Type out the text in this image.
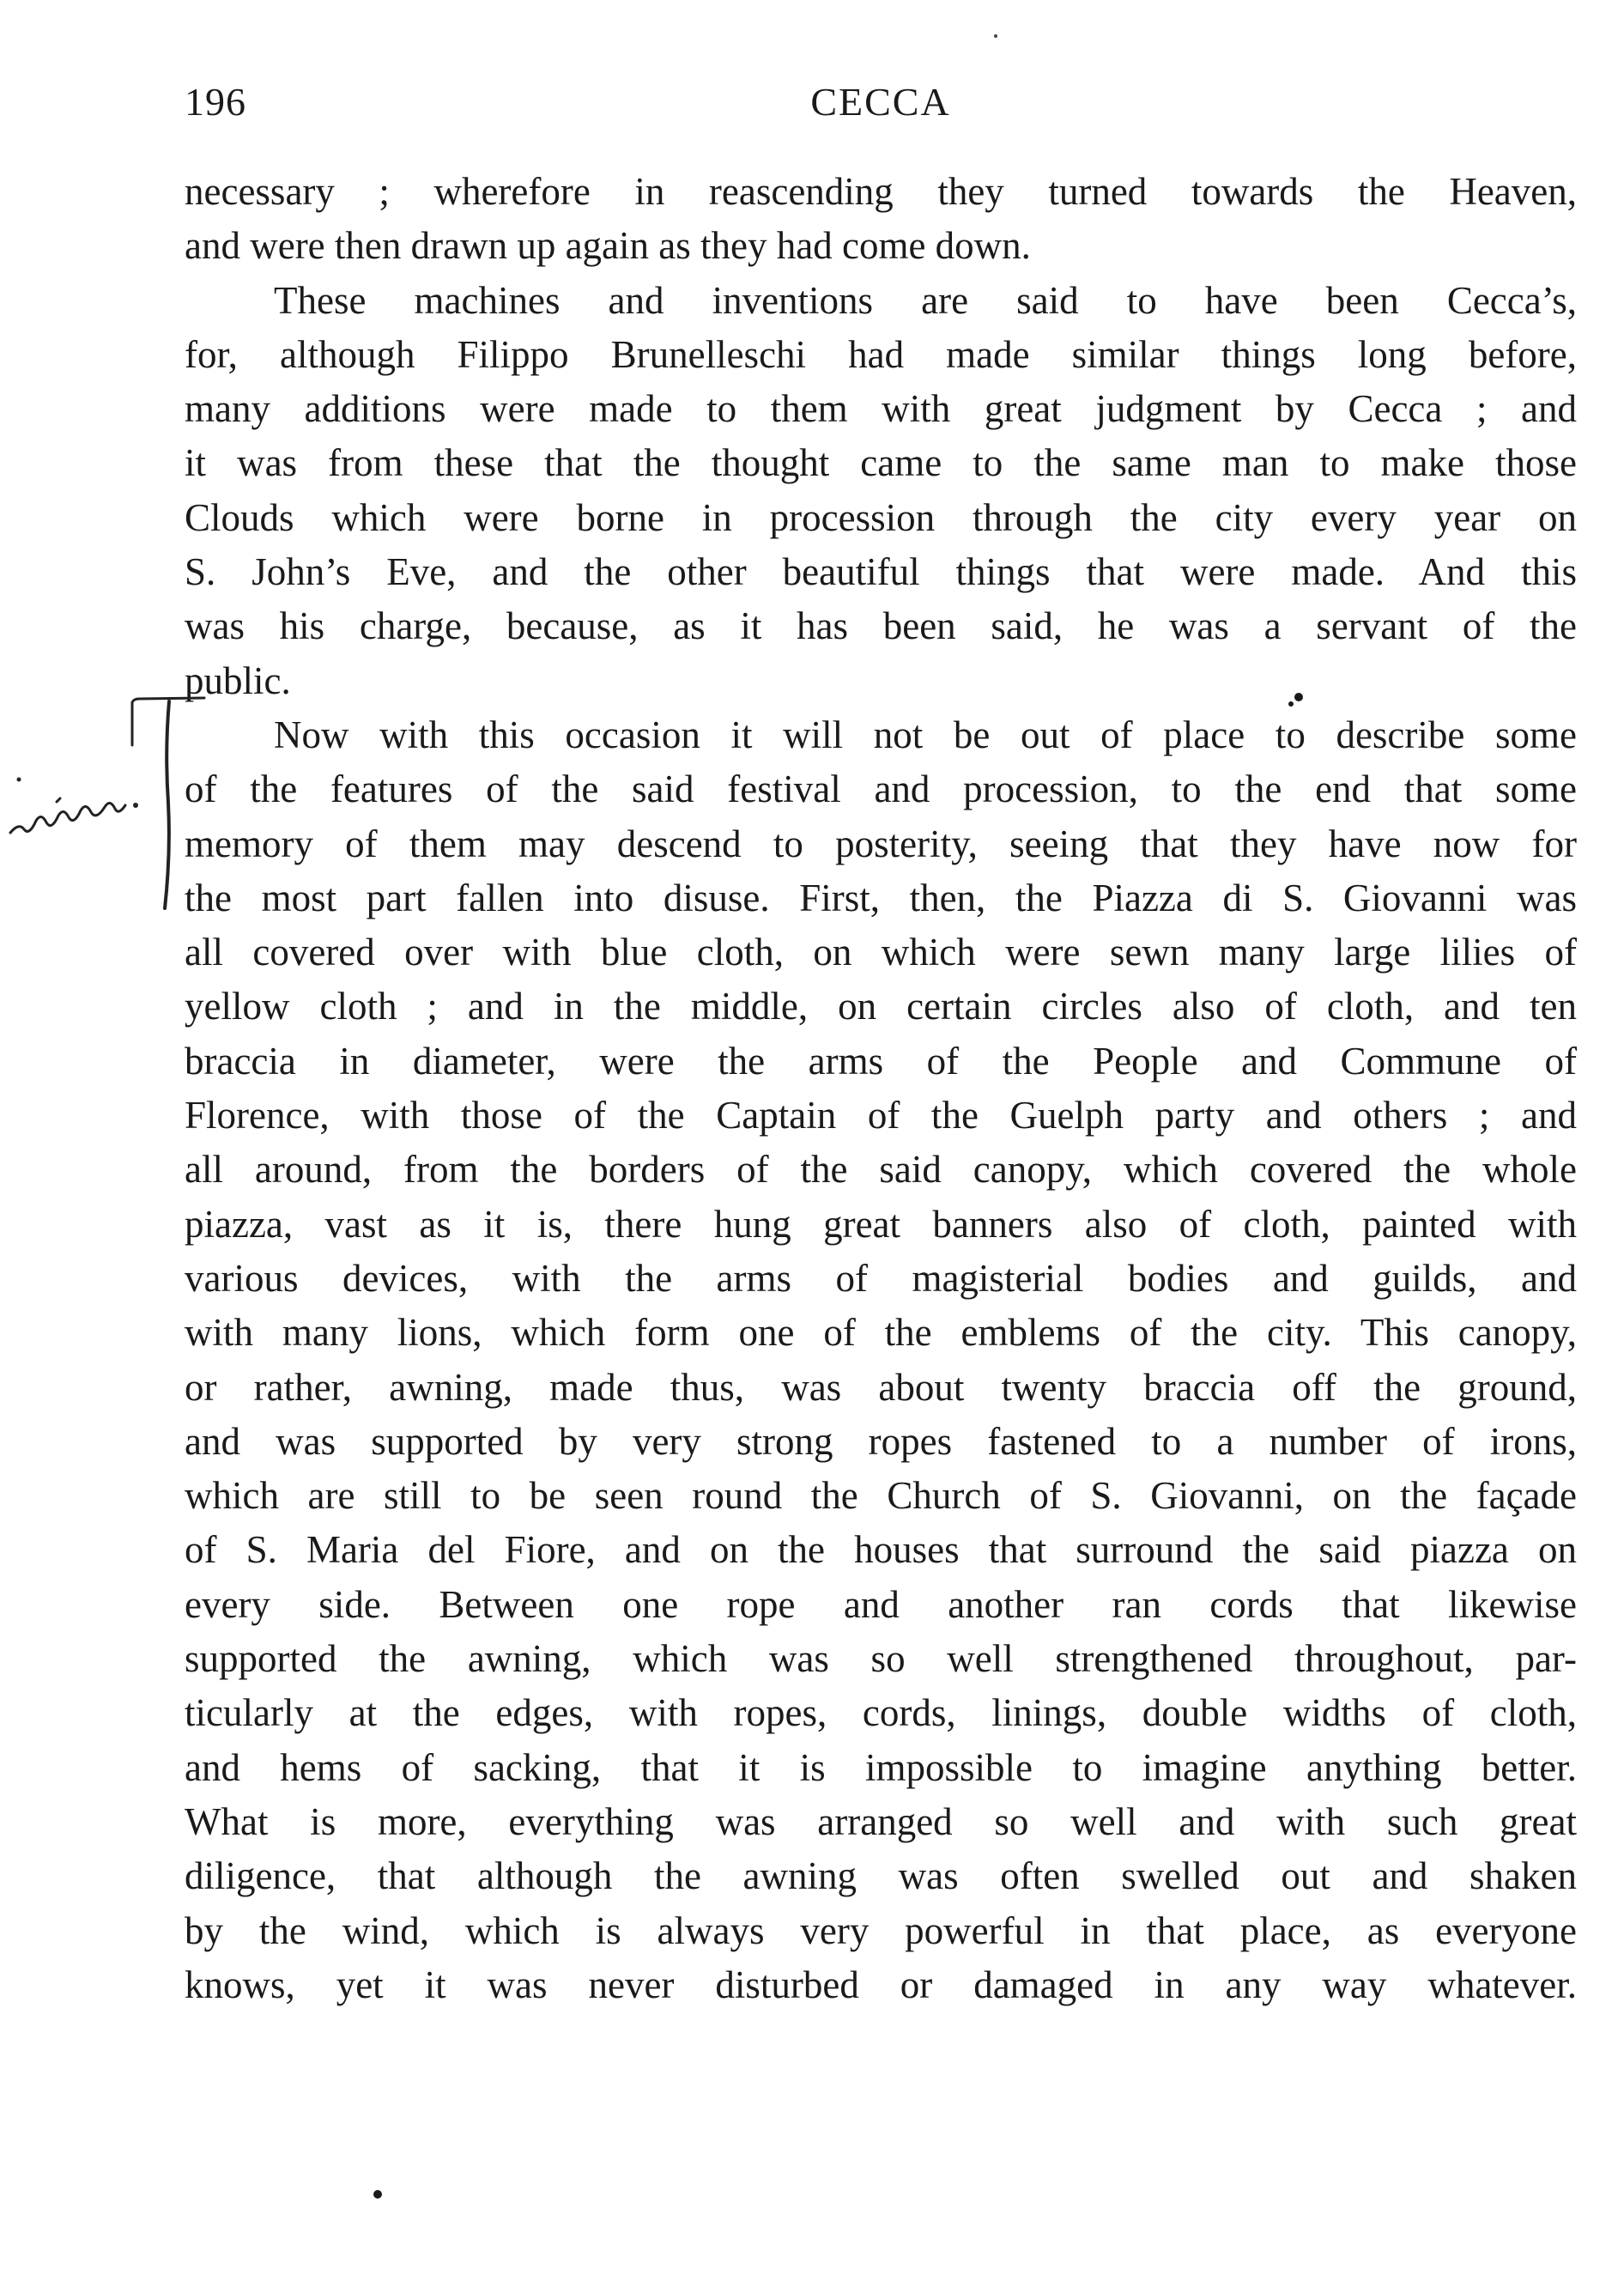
196	CECCA
necessary ; wherefore in reascending they turned towards the Heaven,
and were then drawn up again as they had come down.
These machines and inventions are said to have been Cecca’s,
for, although Filippo Brunelleschi had made similar things long before,
many additions were made to them with great judgment by Cecca ; and
it was from these that the thought came to the same man to make those
Clouds which were borne in procession through the city every year on
S. John’s Eve, and the other beautiful things that were made. And this
was his charge, because, as it has been said, he was a servant of the
public.
Now with this occasion it will not be out of place to describe some
of the features of the said festival and procession, to the end that some
memory of them may descend to posterity, seeing that they have now for
the most part fallen into disuse. First, then, the Piazza di S. Giovanni was
all covered over with blue cloth, on which were sewn many large lilies of
yellow cloth ; and in the middle, on certain circles also of cloth, and ten
braccia in diameter, were the arms of the People and Commune of
Florence, with those of the Captain of the Guelph party and others ; and
all around, from the borders of the said canopy, which covered the whole
piazza, vast as it is, there hung great banners also of cloth, painted with
various devices, with the arms of magisterial bodies and guilds, and
with many lions, which form one of the emblems of the city. This canopy,
or rather, awning, made thus, was about twenty braccia off the ground,
and was supported by very strong ropes fastened to a number of irons,
which are still to be seen round the Church of S. Giovanni, on the façade
of S. Maria del Fiore, and on the houses that surround the said piazza on
every side. Between one rope and another ran cords that likewise
supported the awning, which was so well strengthened throughout, par-
ticularly at the edges, with ropes, cords, linings, double widths of cloth,
and hems of sacking, that it is impossible to imagine anything better.
What is more, everything was arranged so well and with such great
diligence, that although the awning was often swelled out and shaken
by the wind, which is always very powerful in that place, as everyone
knows, yet it was never disturbed or damaged in any way whatever.
